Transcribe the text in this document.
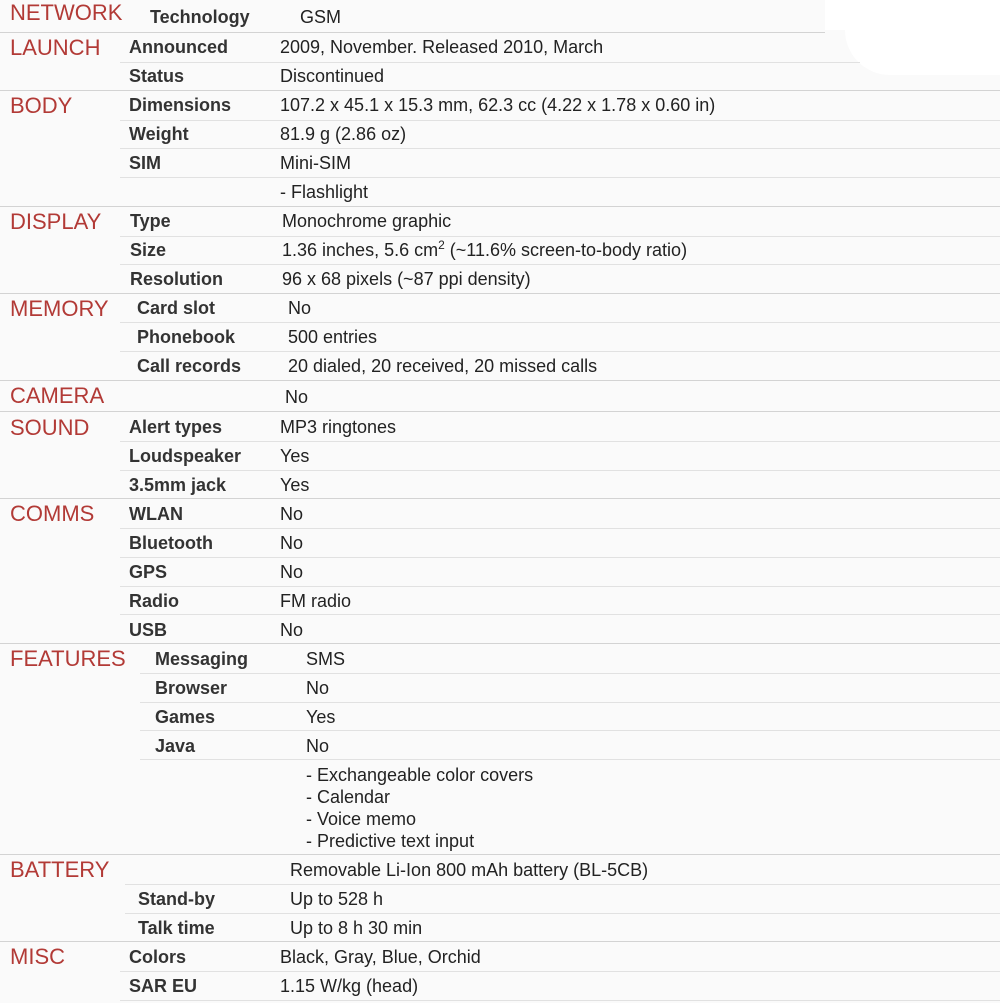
NETWORK Technology	GSM
LAUNCH Announced	2009, November. Released 2010, March
Status	Discontinued
BODY	Dimensions	107.2 x 45.1 x 15.3 mm, 62.3 cc (4.22 x 1.78 x 0.60 in)
Weight	81.9 g (2.86 oz)
SIM	Mini-SIM
- Flashlight
DISPLAY Type	Monochrome graphic
Size	1.36 inches, 5.6 $cm^2$ (~11.6% screen-to-body ratio)
Resolution	96 x 68 pixels (~87 ppi density)
MEMORY Card slot	No
Phonebook	500 entries
Call records	20 dialed, 20 received, 20 missed calls
CAMERA	No
SOUND Alert types	MP3 ringtones
Loudspeaker Yes
3.5mm jack	Yes
COMMS WLAN	No
Bluetooth	No
GPS	No
Radio	FM radio
USB	No
FEATURES Messaging	SMS
Browser	No
Games	Yes
Java	No
- Exchangeable color covers
- Calendar
- Voice memo
- Predictive text input
BATTERY	Removable Li-Ion 800 mAh battery (BL-5CB)
Stand-by	Up to 528 h
Talk time	Up to 8 h 30 min
MISC	Colors	Black, Gray, Blue, Orchid
SAR EU	1.15 W/kg (head)
